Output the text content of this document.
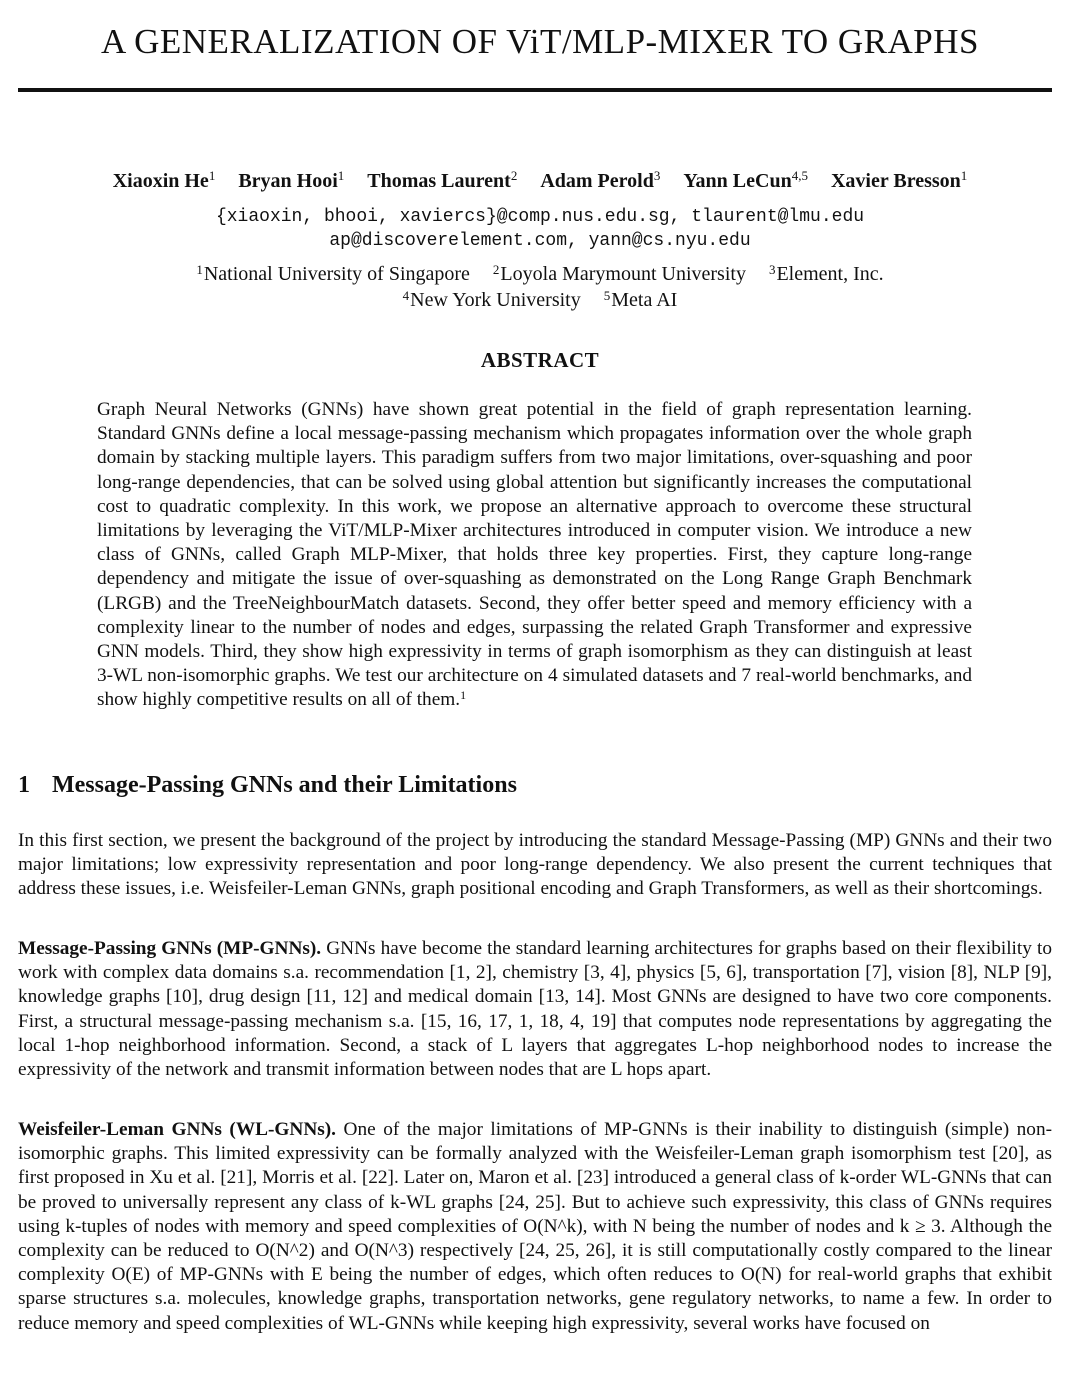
A GENERALIZATION OF ViT/MLP-MIXER TO GRAPHS
Xiaoxin He$^1$ Bryan Hooi$^1$ Thomas Laurent$^2$ Adam Perold$^3$ Yann LeCun$^{4,5}$ Xavier Bresson$^1$
{xiaoxin, bhooi, xaviercs}@comp.nus.edu.sg, tlaurent@lmu.edu
ap@discoverelement.com, yann@cs.nyu.edu
$^1$National University of Singapore $^2$Loyola Marymount University $^3$Element, Inc.
$^4$New York University $^5$Meta AI
ABSTRACT

Graph Neural Networks (GNNs) have shown great potential in the field of graph representation learning. Standard GNNs define a local message-passing mechanism which propagates information over the whole graph domain by stacking multiple layers. This paradigm suffers from two major limitations, over-squashing and poor long-range dependencies, that can be solved using global attention but significantly increases the computational cost to quadratic complexity. In this work, we propose an alternative approach to overcome these structural limitations by leveraging the ViT/MLP-Mixer architectures introduced in computer vision. We introduce a new class of GNNs, called Graph MLP-Mixer, that holds three key properties. First, they capture long-range dependency and mitigate the issue of over-squashing as demonstrated on the Long Range Graph Benchmark (LRGB) and the TreeNeighbourMatch datasets. Second, they offer better speed and memory efficiency with a complexity linear to the number of nodes and edges, surpassing the related Graph Transformer and expressive GNN models. Third, they show high expressivity in terms of graph isomorphism as they can distinguish at least 3-WL non-isomorphic graphs. We test our architecture on 4 simulated datasets and 7 real-world benchmarks, and show highly competitive results on all of them.$^1$

1 Message-Passing GNNs and their Limitations

In this first section, we present the background of the project by introducing the standard Message-Passing (MP) GNNs and their two major limitations; low expressivity representation and poor long-range dependency. We also present the current techniques that address these issues, i.e. Weisfeiler-Leman GNNs, graph positional encoding and Graph Transformers, as well as their shortcomings.

Message-Passing GNNs (MP-GNNs). GNNs have become the standard learning architectures for graphs based on their flexibility to work with complex data domains s.a. recommendation [1, 2], chemistry [3, 4], physics [5, 6], transportation [7], vision [8], NLP [9], knowledge graphs [10], drug design [11, 12] and medical domain [13, 14]. Most GNNs are designed to have two core components. First, a structural message-passing mechanism s.a. [15, 16, 17, 1, 18, 4, 19] that computes node representations by aggregating the local 1-hop neighborhood information. Second, a stack of L layers that aggregates L-hop neighborhood nodes to increase the expressivity of the network and transmit information between nodes that are L hops apart.

Weisfeiler-Leman GNNs (WL-GNNs). One of the major limitations of MP-GNNs is their inability to distinguish (simple) non-isomorphic graphs. This limited expressivity can be formally analyzed with the Weisfeiler-Leman graph isomorphism test [20], as first proposed in Xu et al. [21], Morris et al. [22]. Later on, Maron et al. [23] introduced a general class of k-order WL-GNNs that can be proved to universally represent any class of k-WL graphs [24, 25]. But to achieve such expressivity, this class of GNNs requires using k-tuples of nodes with memory and speed complexities of O(N^k), with N being the number of nodes and k ≥ 3. Although the complexity can be reduced to O(N^2) and O(N^3) respectively [24, 25, 26], it is still computationally costly compared to the linear complexity O(E) of MP-GNNs with E being the number of edges, which often reduces to O(N) for real-world graphs that exhibit sparse structures s.a. molecules, knowledge graphs, transportation networks, gene regulatory networks, to name a few. In order to reduce memory and speed complexities of WL-GNNs while keeping high expressivity, several works have focused on
